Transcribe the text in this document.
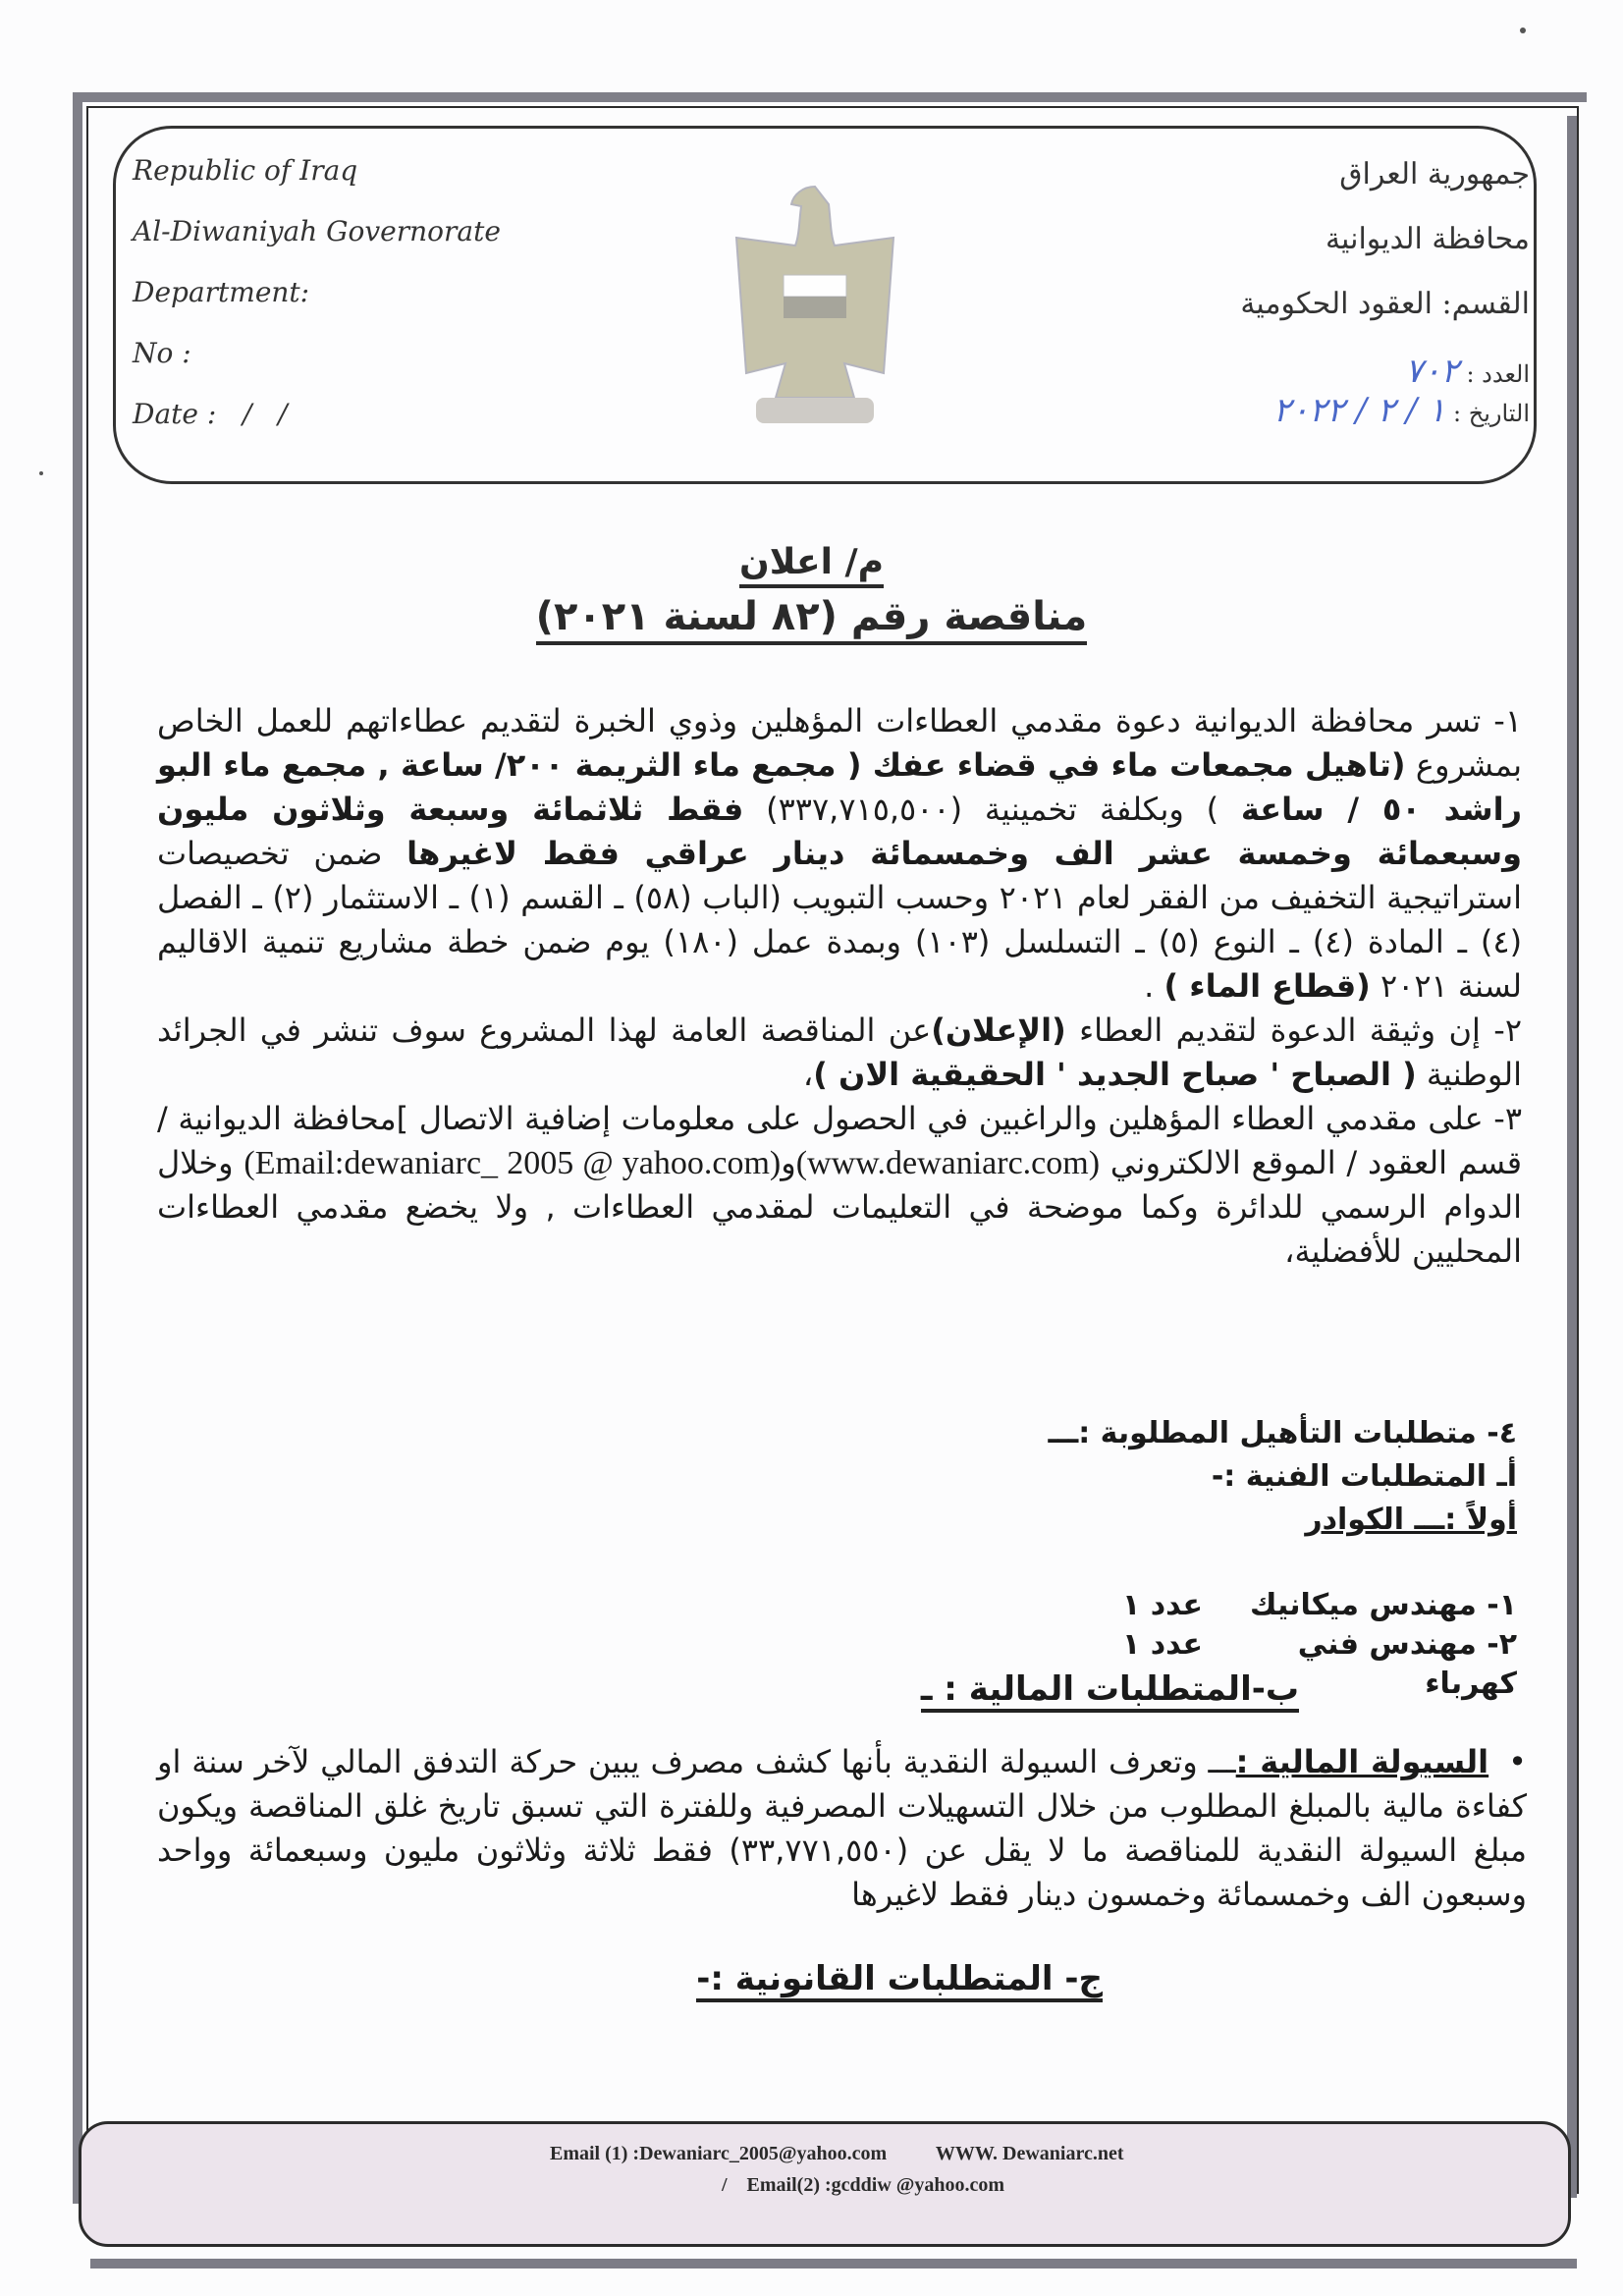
Republic of Iraq
Al-Diwaniyah Governorate
Department:
No :
Date :   /   /
جمهورية العراق
محافظة الديوانية
القسم: العقود الحكومية
العدد : ٧٠٢
التاريخ : ١ / ٢ / ٢٠٢٢
م/ اعلان
مناقصة رقم (٨٢ لسنة ٢٠٢١)

١- تسر محافظة الديوانية دعوة مقدمي العطاءات المؤهلين وذوي الخبرة لتقديم عطاءاتهم للعمل الخاص بمشروع (تاهيل مجمعات ماء في قضاء عفك ( مجمع ماء الثريمة ٢٠٠/ ساعة , مجمع ماء البو راشد ٥٠ / ساعة ) وبكلفة تخمينية (٣٣٧,٧١٥,٥٠٠) فقط ثلاثمائة وسبعة وثلاثون مليون وسبعمائة وخمسة عشر الف وخمسمائة دينار عراقي فقط لاغيرها ضمن تخصيصات استراتيجية التخفيف من الفقر لعام ٢٠٢١ وحسب التبويب (الباب (٥٨) ـ القسم (١) ـ الاستثمار (٢) ـ الفصل (٤) ـ المادة (٤) ـ النوع (٥) ـ التسلسل (١٠٣) وبمدة عمل (١٨٠) يوم ضمن خطة مشاريع تنمية الاقاليم لسنة ٢٠٢١ (قطاع الماء ) .

٢- إن وثيقة الدعوة لتقديم العطاء (الإعلان)عن المناقصة العامة لهذا المشروع سوف تنشر في الجرائد الوطنية ( الصباح ' صباح الجديد ' الحقيقية الان )،

٣- على مقدمي العطاء المؤهلين والراغبين في الحصول على معلومات إضافية الاتصال ]محافظة الديوانية / قسم العقود / الموقع الالكتروني (www.dewaniarc.com)و(Email:dewaniarc_ 2005 @ yahoo.com) وخلال الدوام الرسمي للدائرة وكما موضحة في التعليمات لمقدمي العطاءات , ولا يخضع مقدمي العطاءات المحليين للأفضلية،

٤- متطلبات التأهيل المطلوبة :ـــ
أـ المتطلبات الفنية :-
أولاً :ـــ الكوادر
١- مهندس ميكانيك
عدد ١
٢- مهندس فني كهرباء
عدد ١
ب-المتطلبات المالية : ـ
•السيولة المالية :ـــ وتعرف السيولة النقدية بأنها كشف مصرف يبين حركة التدفق المالي لآخر سنة او كفاءة مالية بالمبلغ المطلوب من خلال التسهيلات المصرفية وللفترة التي تسبق تاريخ غلق المناقصة ويكون مبلغ السيولة النقدية للمناقصة ما لا يقل عن (٣٣,٧٧١,٥٥٠) فقط ثلاثة وثلاثون مليون وسبعمائة وواحد وسبعون الف وخمسمائة وخمسون دينار فقط لاغيرها
ج- المتطلبات القانونية :-
Email (1) :Dewaniarc_2005@yahoo.com WWW. Dewaniarc.net
/    Email(2) :gcddiw @yahoo.com
